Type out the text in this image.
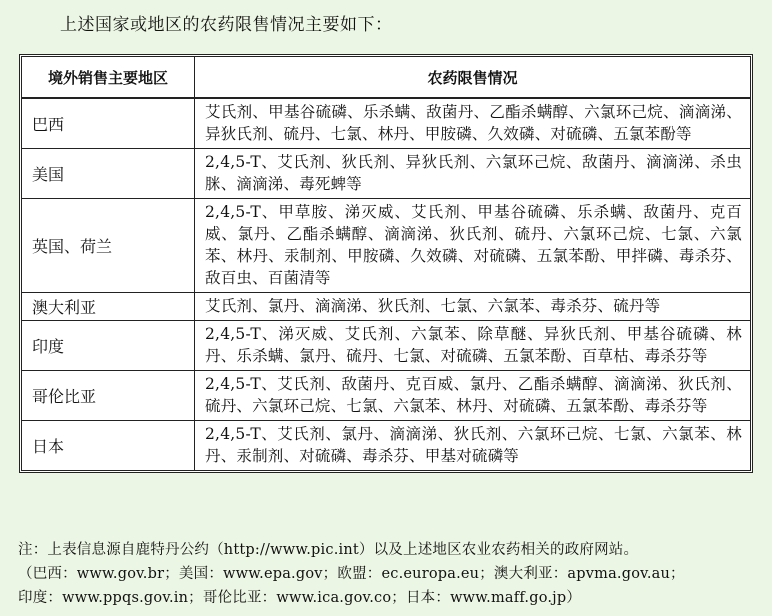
上述国家或地区的农药限售情况主要如下：
境外销售主要地区	农药限售情况
巴西	艾氏剂、甲基谷硫磷、乐杀螨、敌菌丹、乙酯杀螨醇、六氯环己烷、滴滴涕、异狄氏剂、硫丹、七氯、林丹、甲胺磷、久效磷、对硫磷、五氯苯酚等
美国	2,4,5-T、艾氏剂、狄氏剂、异狄氏剂、六氯环己烷、敌菌丹、滴滴涕、杀虫脒、滴滴涕、毒死蜱等
英国、荷兰	2,4,5-T、甲草胺、涕灭威、艾氏剂、甲基谷硫磷、乐杀螨、敌菌丹、克百威、氯丹、乙酯杀螨醇、滴滴涕、狄氏剂、硫丹、六氯环己烷、七氯、六氯苯、林丹、汞制剂、甲胺磷、久效磷、对硫磷、五氯苯酚、甲拌磷、毒杀芬、敌百虫、百菌清等
澳大利亚	艾氏剂、氯丹、滴滴涕、狄氏剂、七氯、六氯苯、毒杀芬、硫丹等
印度	2,4,5-T、涕灭威、艾氏剂、六氯苯、除草醚、异狄氏剂、甲基谷硫磷、林丹、乐杀螨、氯丹、硫丹、七氯、对硫磷、五氯苯酚、百草枯、毒杀芬等
哥伦比亚	2,4,5-T、艾氏剂、敌菌丹、克百威、氯丹、乙酯杀螨醇、滴滴涕、狄氏剂、硫丹、六氯环己烷、七氯、六氯苯、林丹、对硫磷、五氯苯酚、毒杀芬等
日本	2,4,5-T、艾氏剂、氯丹、滴滴涕、狄氏剂、六氯环己烷、七氯、六氯苯、林丹、汞制剂、对硫磷、毒杀芬、甲基对硫磷等
注：上表信息源自鹿特丹公约（http://www.pic.int）以及上述地区农业农药相关的政府网站。
（巴西：www.gov.br；美国：www.epa.gov；欧盟：ec.europa.eu；澳大利亚：apvma.gov.au；
印度：www.ppqs.gov.in；哥伦比亚：www.ica.gov.co；日本：www.maff.go.jp）
